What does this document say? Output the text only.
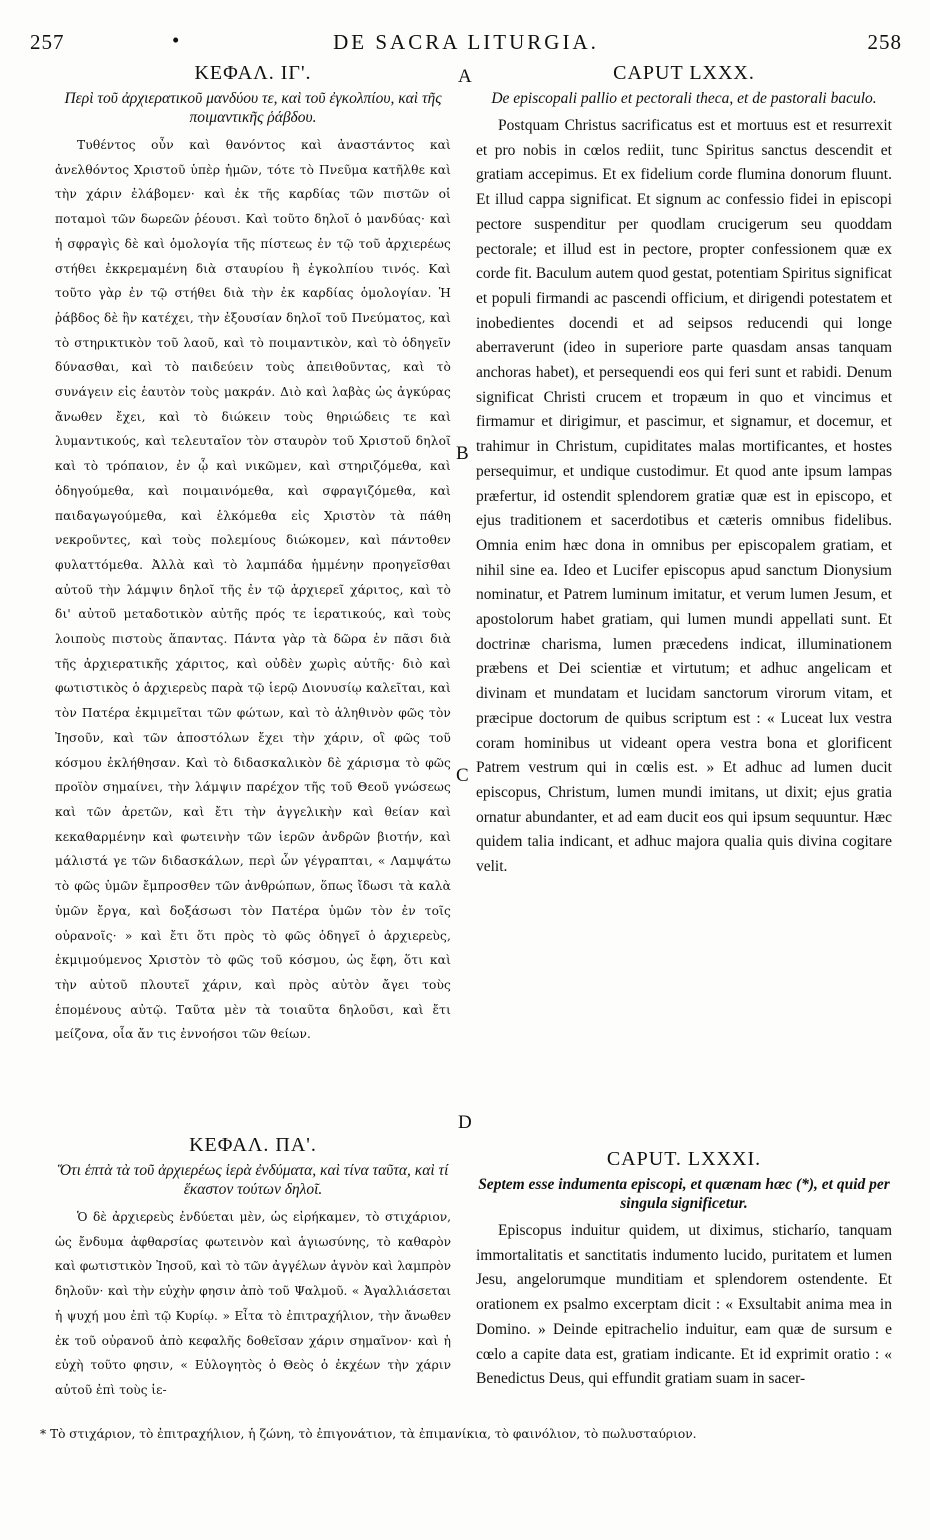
257	•	DE SACRA LITURGIA.	258
A
B
C
D
ΚΕΦΑΛ. ΙΓ'.
Περὶ τοῦ ἀρχιερατικοῦ μανδύου τε, καὶ τοῦ ἐγκολπίου, καὶ τῆς ποιμαντικῆς ῥάβδου.

Τυθέντος οὖν καὶ θανόντος καὶ ἀναστάντος καὶ ἀνελθόντος Χριστοῦ ὑπὲρ ἡμῶν, τότε τὸ Πνεῦμα κατῆλθε καὶ τὴν χάριν ἐλάβομεν· καὶ ἐκ τῆς καρδίας τῶν πιστῶν οἱ ποταμοὶ τῶν δωρεῶν ῥέουσι. Καὶ τοῦτο δηλοῖ ὁ μανδύας· καὶ ἡ σφραγὶς δὲ καὶ ὁμολογία τῆς πίστεως ἐν τῷ τοῦ ἀρχιερέως στήθει ἐκκρεμαμένη διὰ σταυρίου ἢ ἐγκολπίου τινός. Καὶ τοῦτο γὰρ ἐν τῷ στήθει διὰ τὴν ἐκ καρδίας ὁμολογίαν. Ἡ ῥάβδος δὲ ἣν κατέχει, τὴν ἐξουσίαν δηλοῖ τοῦ Πνεύματος, καὶ τὸ στηρικτικὸν τοῦ λαοῦ, καὶ τὸ ποιμαντικὸν, καὶ τὸ ὁδηγεῖν δύνασθαι, καὶ τὸ παιδεύειν τοὺς ἀπειθοῦντας, καὶ τὸ συνάγειν εἰς ἑαυτὸν τοὺς μακράν. Διὸ καὶ λαβὰς ὡς ἀγκύρας ἄνωθεν ἔχει, καὶ τὸ διώκειν τοὺς θηριώδεις τε καὶ λυμαντικούς, καὶ τελευταῖον τὸν σταυρὸν τοῦ Χριστοῦ δηλοῖ καὶ τὸ τρόπαιον, ἐν ᾧ καὶ νικῶμεν, καὶ στηριζόμεθα, καὶ ὁδηγούμεθα, καὶ ποιμαινόμεθα, καὶ σφραγιζόμεθα, καὶ παιδαγωγούμεθα, καὶ ἑλκόμεθα εἰς Χριστὸν τὰ πάθη νεκροῦντες, καὶ τοὺς πολεμίους διώκομεν, καὶ πάντοθεν φυλαττόμεθα. Ἀλλὰ καὶ τὸ λαμπάδα ἡμμένην προηγεῖσθαι αὐτοῦ τὴν λάμψιν δηλοῖ τῆς ἐν τῷ ἀρχιερεῖ χάριτος, καὶ τὸ δι' αὐτοῦ μεταδοτικὸν αὐτῆς πρός τε ἱερατικούς, καὶ τοὺς λοιποὺς πιστοὺς ἅπαντας. Πάντα γὰρ τὰ δῶρα ἐν πᾶσι διὰ τῆς ἀρχιερατικῆς χάριτος, καὶ οὐδὲν χωρὶς αὐτῆς· διὸ καὶ φωτιστικὸς ὁ ἀρχιερεὺς παρὰ τῷ ἱερῷ Διονυσίῳ καλεῖται, καὶ τὸν Πατέρα ἐκμιμεῖται τῶν φώτων, καὶ τὸ ἀληθινὸν φῶς τὸν Ἰησοῦν, καὶ τῶν ἀποστόλων ἔχει τὴν χάριν, οἳ φῶς τοῦ κόσμου ἐκλήθησαν. Καὶ τὸ διδασκαλικὸν δὲ χάρισμα τὸ φῶς προϊὸν σημαίνει, τὴν λάμψιν παρέχον τῆς τοῦ Θεοῦ γνώσεως καὶ τῶν ἀρετῶν, καὶ ἔτι τὴν ἀγγελικὴν καὶ θείαν καὶ κεκαθαρμένην καὶ φωτεινὴν τῶν ἱερῶν ἀνδρῶν βιοτήν, καὶ μάλιστά γε τῶν διδασκάλων, περὶ ὧν γέγραπται, « Λαμψάτω τὸ φῶς ὑμῶν ἔμπροσθεν τῶν ἀνθρώπων, ὅπως ἴδωσι τὰ καλὰ ὑμῶν ἔργα, καὶ δοξάσωσι τὸν Πατέρα ὑμῶν τὸν ἐν τοῖς οὐρανοῖς· » καὶ ἔτι ὅτι πρὸς τὸ φῶς ὁδηγεῖ ὁ ἀρχιερεὺς, ἐκμιμούμενος Χριστὸν τὸ φῶς τοῦ κόσμου, ὡς ἔφη, ὅτι καὶ τὴν αὐτοῦ πλουτεῖ χάριν, καὶ πρὸς αὐτὸν ἄγει τοὺς ἑπομένους αὐτῷ. Ταῦτα μὲν τὰ τοιαῦτα δηλοῦσι, καὶ ἔτι μείζονα, οἷα ἄν τις ἐννοήσοι τῶν θείων.

CAPUT LXXX.
De episcopali pallio et pectorali theca, et de pastorali baculo.

Postquam Christus sacrificatus est et mortuus est et resurrexit et pro nobis in cœlos rediit, tunc Spiritus sanctus descendit et gratiam accepimus. Et ex fidelium corde flumina donorum fluunt. Et illud cappa significat. Et signum ac confessio fidei in episcopi pectore suspenditur per quodlam crucigerum seu quoddam pectorale; et illud est in pectore, propter confessionem quæ ex corde fit. Baculum autem quod gestat, potentiam Spiritus significat et populi firmandi ac pascendi officium, et dirigendi potestatem et inobedientes docendi et ad seipsos reducendi qui longe aberraverunt (ideo in superiore parte quasdam ansas tanquam anchoras habet), et persequendi eos qui feri sunt et rabidi. Denum significat Christi crucem et tropæum in quo et vincimus et firmamur et dirigimur, et pascimur, et signamur, et docemur, et trahimur in Christum, cupiditates malas mortificantes, et hostes persequimur, et undique custodimur. Et quod ante ipsum lampas præfertur, id ostendit splendorem gratiæ quæ est in episcopo, et ejus traditionem et sacerdotibus et cæteris omnibus fidelibus. Omnia enim hæc dona in omnibus per episcopalem gratiam, et nihil sine ea. Ideo et Lucifer episcopus apud sanctum Dionysium nominatur, et Patrem luminum imitatur, et verum lumen Jesum, et apostolorum habet gratiam, qui lumen mundi appellati sunt. Et doctrinæ charisma, lumen præcedens indicat, illuminationem præbens et Dei scientiæ et virtutum; et adhuc angelicam et divinam et mundatam et lucidam sanctorum virorum vitam, et præcipue doctorum de quibus scriptum est : « Luceat lux vestra coram hominibus ut videant opera vestra bona et glorificent Patrem vestrum qui in cœlis est. » Et adhuc ad lumen ducit episcopus, Christum, lumen mundi imitans, ut dixit; ejus gratia ornatur abundanter, et ad eam ducit eos qui ipsum sequuntur. Hæc quidem talia indicant, et adhuc majora qualia quis divina cogitare velit.

ΚΕΦΑΛ. ΠΑ'.
Ὅτι ἑπτὰ τὰ τοῦ ἀρχιερέως ἱερὰ ἐνδύματα, καὶ τίνα ταῦτα, καὶ τί ἕκαστον τούτων δηλοῖ.

Ὁ δὲ ἀρχιερεὺς ἐνδύεται μὲν, ὡς εἰρήκαμεν, τὸ στιχάριον, ὡς ἔνδυμα ἀφθαρσίας φωτεινὸν καὶ ἁγιωσύνης, τὸ καθαρὸν καὶ φωτιστικὸν Ἰησοῦ, καὶ τὸ τῶν ἀγγέλων ἁγνὸν καὶ λαμπρὸν δηλοῦν· καὶ τὴν εὐχὴν φησιν ἀπὸ τοῦ Ψαλμοῦ. « Ἀγαλλιάσεται ἡ ψυχή μου ἐπὶ τῷ Κυρίῳ. » Εἶτα τὸ ἐπιτραχήλιον, τὴν ἄνωθεν ἐκ τοῦ οὐρανοῦ ἀπὸ κεφαλῆς δοθεῖσαν χάριν σημαῖνον· καὶ ἡ εὐχὴ τοῦτο φησιν, « Εὐλογητὸς ὁ Θεὸς ὁ ἐκχέων τὴν χάριν αὐτοῦ ἐπὶ τοὺς ἱε-

CAPUT. LXXXI.
Septem esse indumenta episcopi, et quænam hæc (*), et quid per singula significetur.

Episcopus induitur quidem, ut diximus, sticharío, tanquam immortalitatis et sanctitatis indumento lucido, puritatem et lumen Jesu, angelorumque munditiam et splendorem ostendente. Et orationem ex psalmo excerptam dicit : « Exsultabit anima mea in Domino. » Deinde epitrachelio induitur, eam quæ de sursum e cœlo a capite data est, gratiam indicante. Et id exprimit oratio : « Benedictus Deus, qui effundit gratiam suam in sacer-

* Τὸ στιχάριον, τὸ ἐπιτραχήλιον, ἡ ζώνη, τὸ ἐπιγονάτιον, τὰ ἐπιμανίκια, τὸ φαινόλιον, τὸ πωλυσταύριον.
